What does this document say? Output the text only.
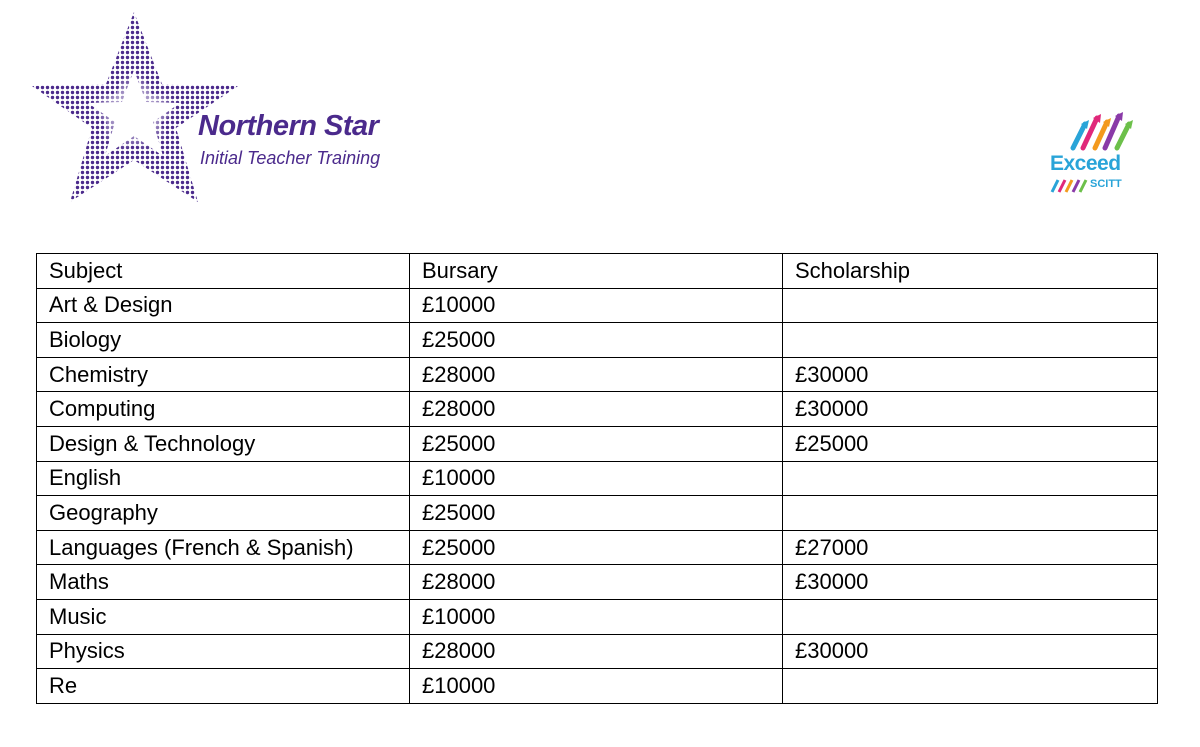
Northern Star
Initial Teacher Training	Exceed
SCITT
Subject	Bursary	Scholarship
Art & Design	£10000	
Biology	£25000	
Chemistry	£28000	£30000
Computing	£28000	£30000
Design & Technology	£25000	£25000
English	£10000	
Geography	£25000	
Languages (French & Spanish)	£25000	£27000
Maths	£28000	£30000
Music	£10000	
Physics	£28000	£30000
Re	£10000	
